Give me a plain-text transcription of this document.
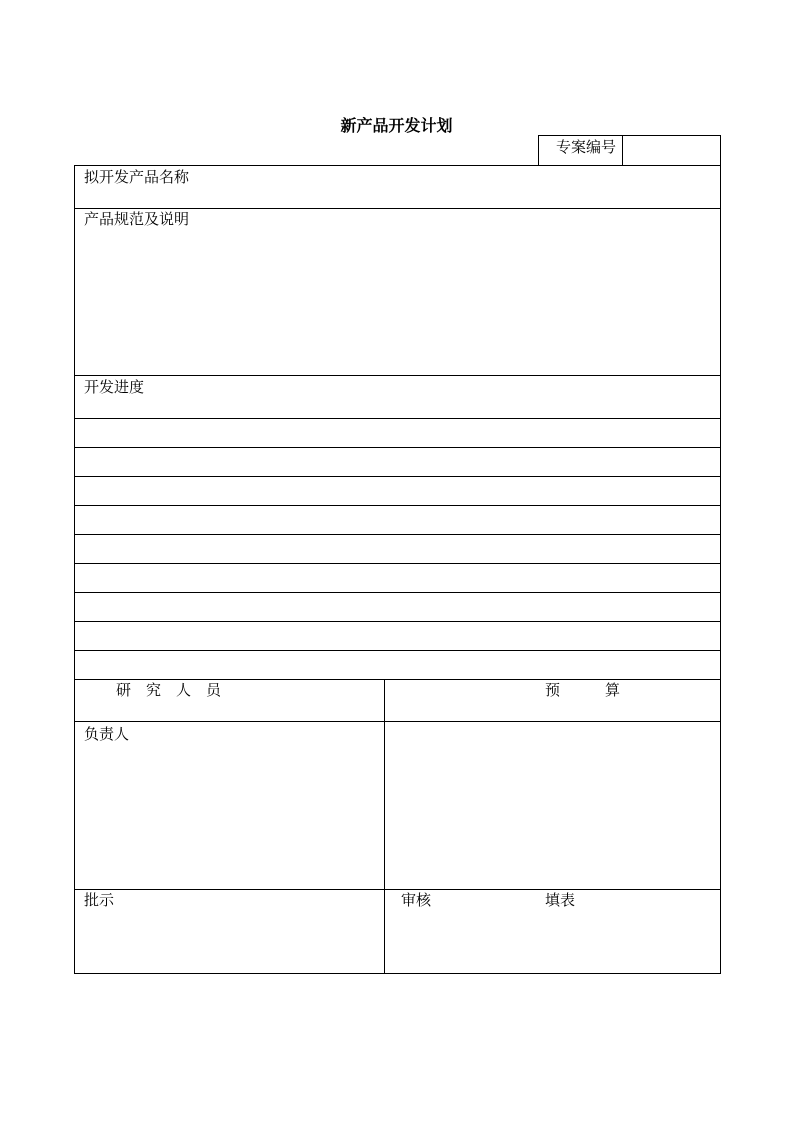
新产品开发计划
专案编号
拟开发产品名称
产品规范及说明
开发进度
研　究　人　员	预　　　算
负责人
批示	审核	填表
